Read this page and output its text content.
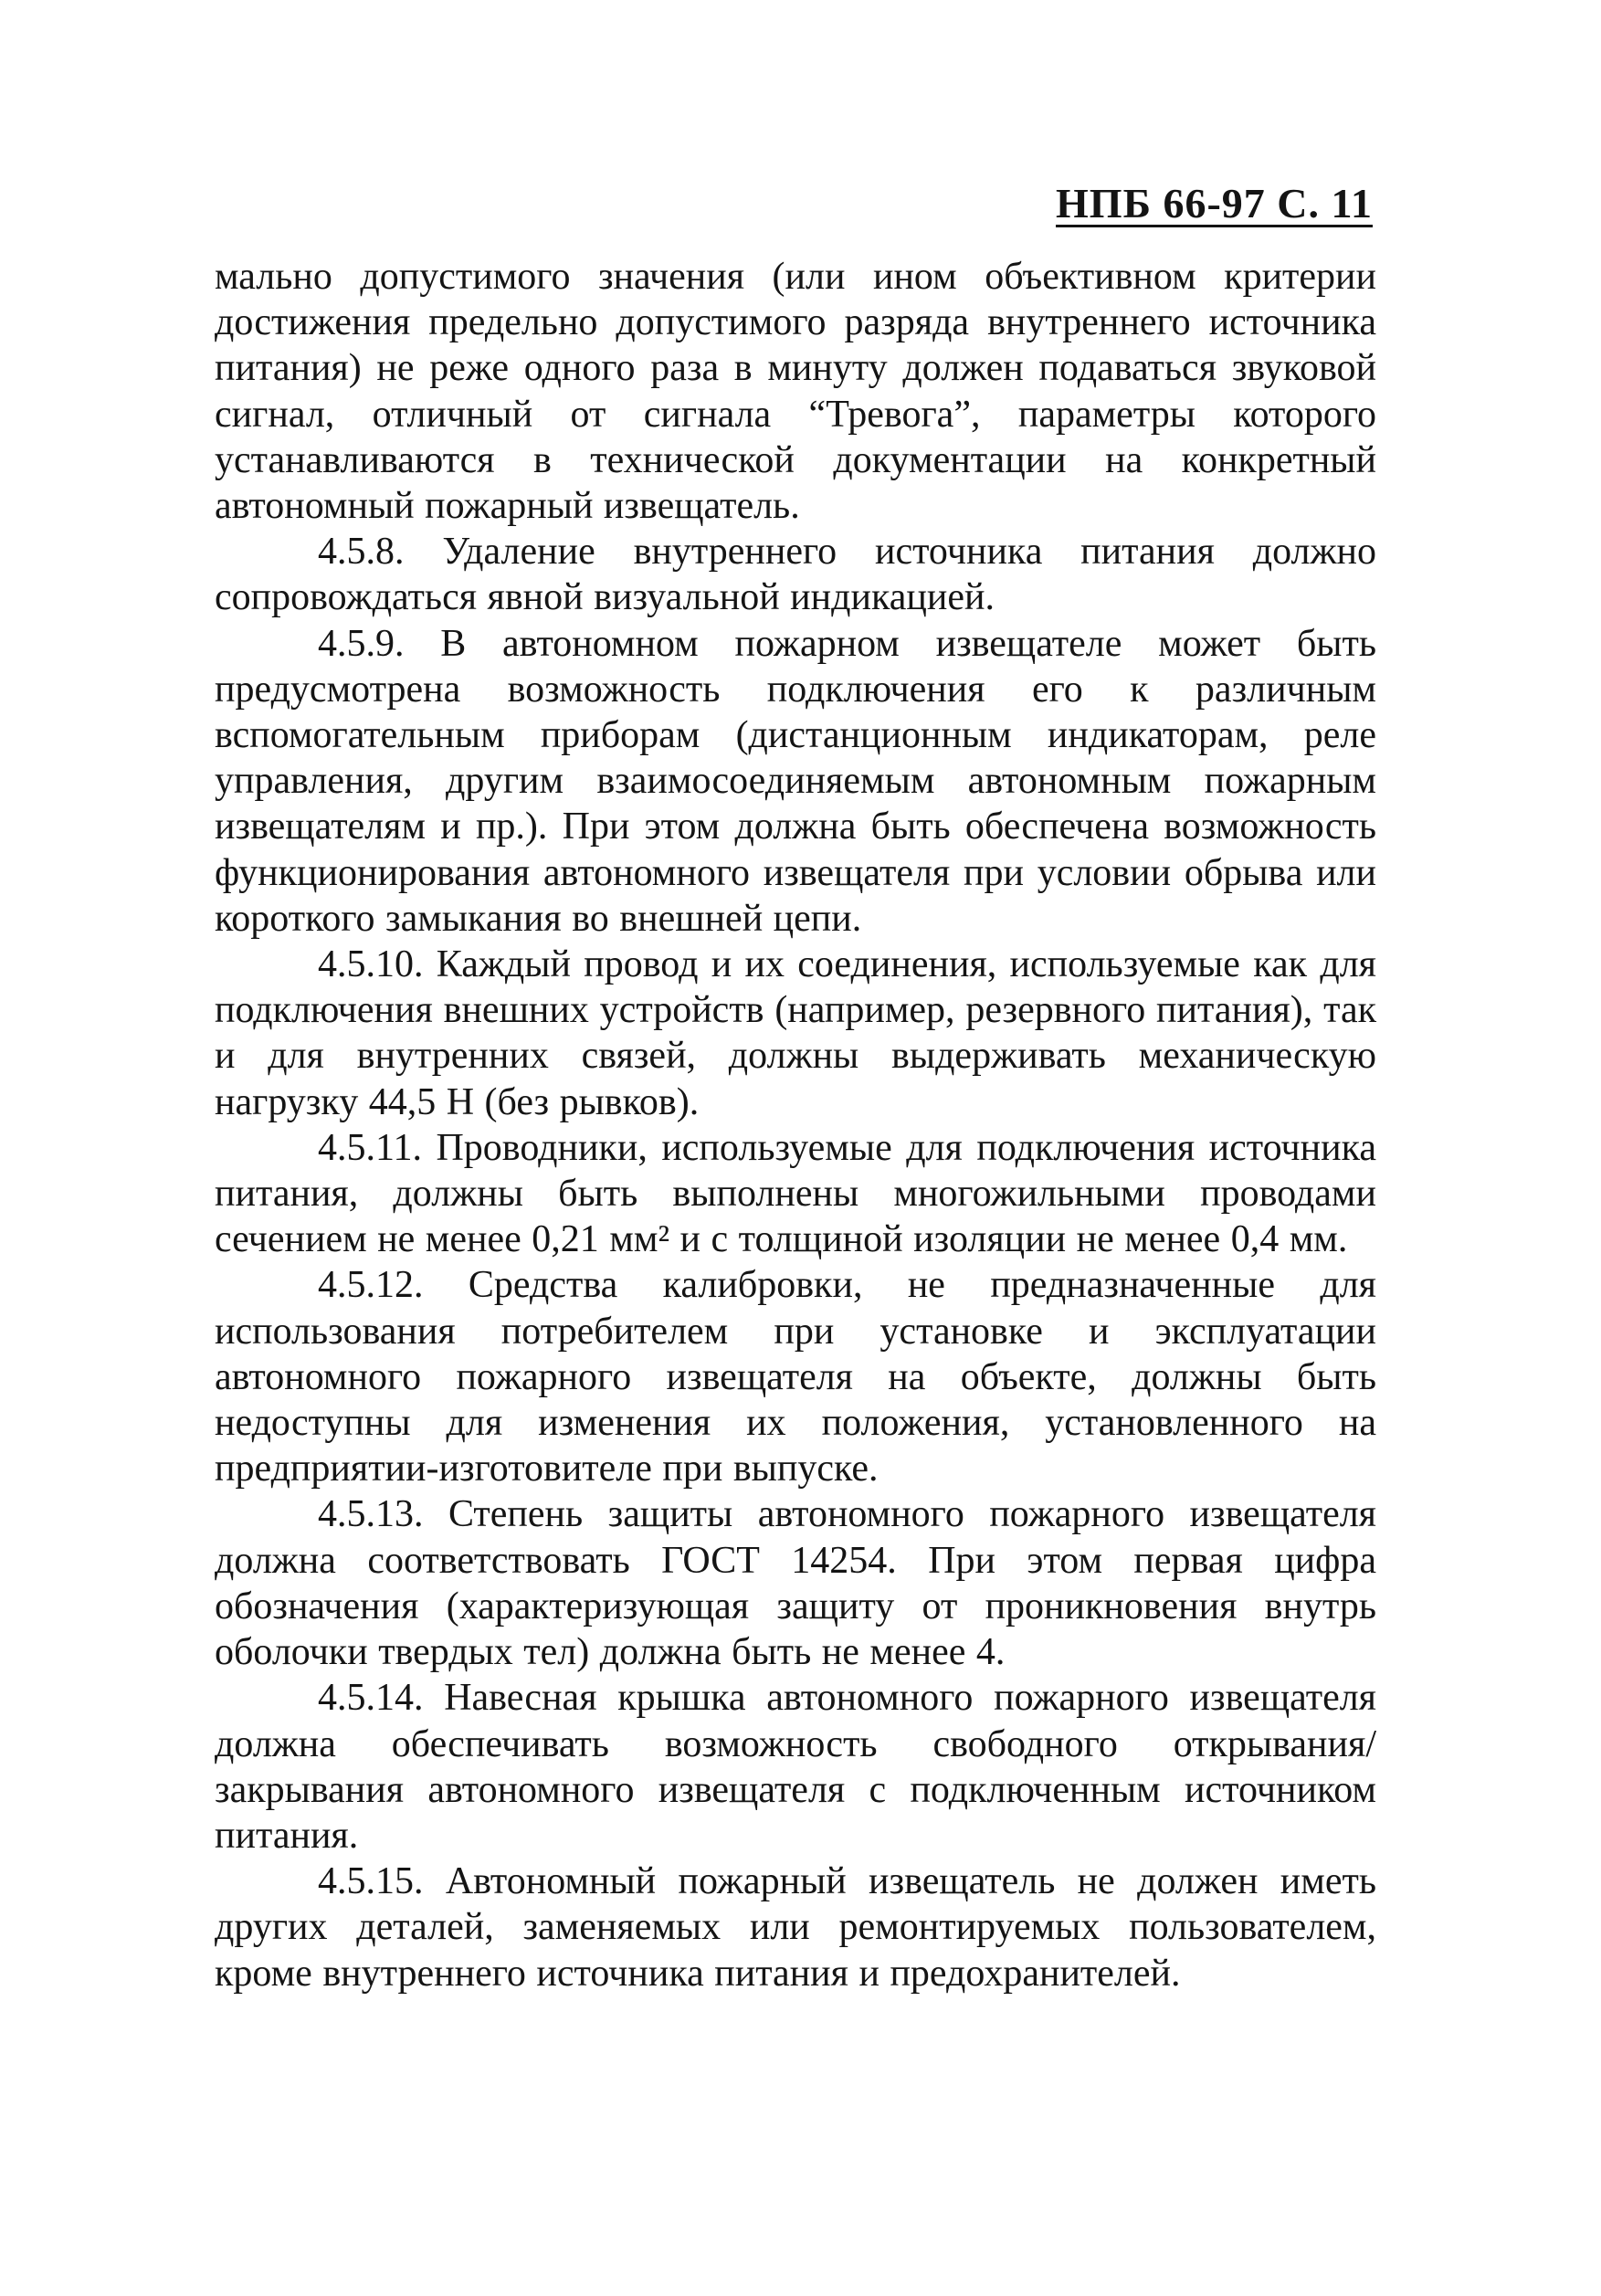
НПБ 66-97 С. 11

мально допустимого значения (или ином объективном критерии достижения предельно допустимого разряда внутреннего источника питания) не реже одного раза в минуту должен подаваться звуковой сигнал, отличный от сигнала “Тревога”, параметры которого устанавливаются в технической документации на конкретный автономный пожарный извещатель.

4.5.8. Удаление внутреннего источника питания должно сопровождаться явной визуальной индикацией.

4.5.9. В автономном пожарном извещателе может быть предусмотрена возможность подключения его к различным вспомогательным приборам (дистанционным индикаторам, реле управления, другим взаимосоединяемым автономным пожарным извещателям и пр.). При этом должна быть обеспечена возможность функционирования автономного извещателя при условии обрыва или короткого замыкания во внешней цепи.

4.5.10. Каждый провод и их соединения, используемые как для подключения внешних устройств (например, резервного питания), так и для внутренних связей, должны выдерживать механическую нагрузку 44,5 Н (без рывков).

4.5.11. Проводники, используемые для подключения источника питания, должны быть выполнены многожильными проводами сечением не менее 0,21 мм² и с толщиной изоляции не менее 0,4 мм.

4.5.12. Средства калибровки, не предназначенные для использования потребителем при установке и эксплуатации автономного пожарного извещателя на объекте, должны быть недоступны для изменения их положения, установленного на предприятии-изготовителе при выпуске.

4.5.13. Степень защиты автономного пожарного извещателя должна соответствовать ГОСТ 14254. При этом первая цифра обозначения (характеризующая защиту от проникновения внутрь оболочки твердых тел) должна быть не менее 4.

4.5.14. Навесная крышка автономного пожарного извещателя должна обеспечивать возможность свободного открывания/закрывания автономного извещателя с подключенным источником питания.

4.5.15. Автономный пожарный извещатель не должен иметь других деталей, заменяемых или ремонтируемых пользователем, кроме внутреннего источника питания и предохранителей.
